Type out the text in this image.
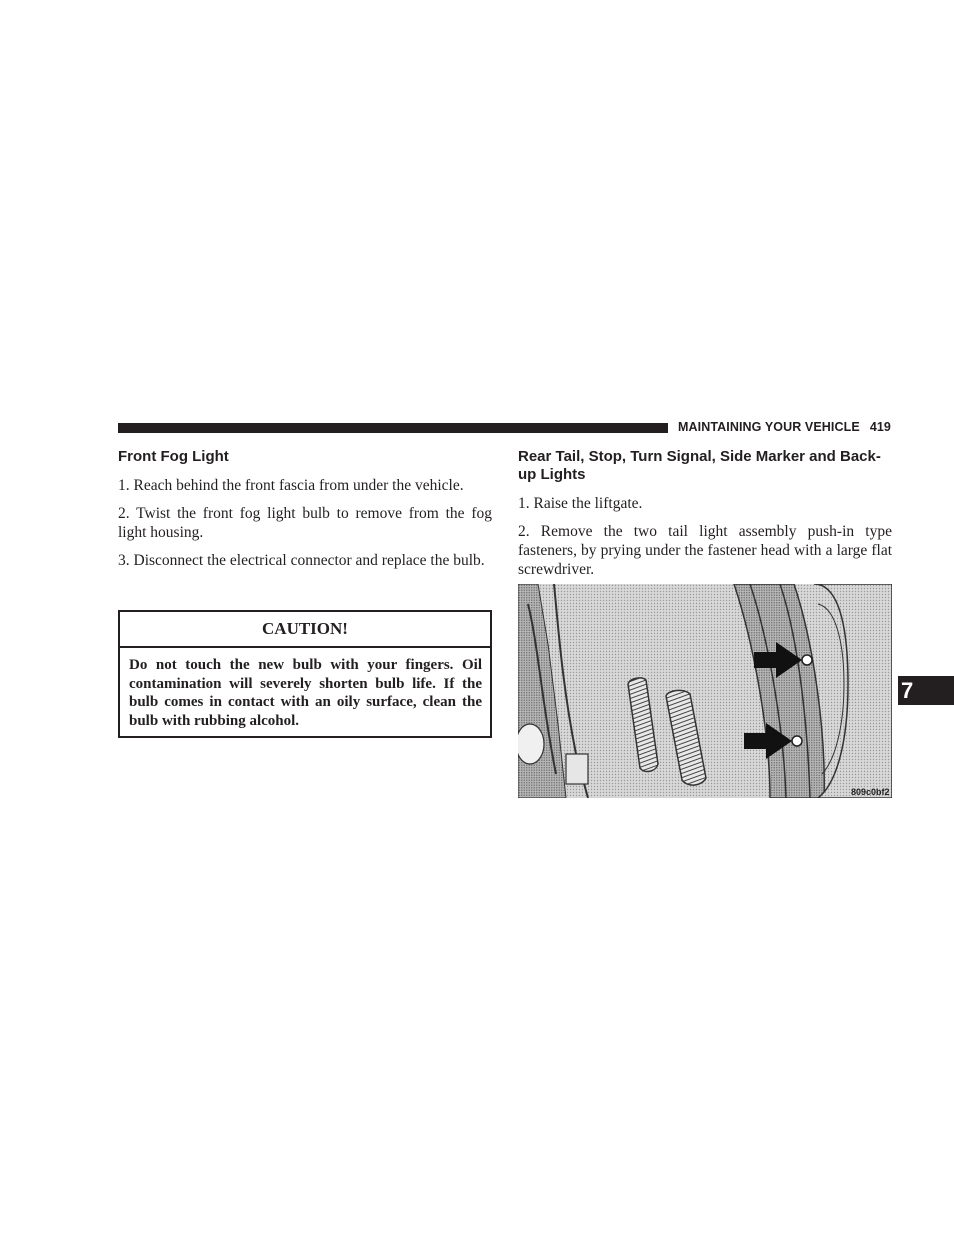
MAINTAINING YOUR VEHICLE 419
Front Fog Light

1. Reach behind the front fascia from under the vehicle.

2. Twist the front fog light bulb to remove from the fog light housing.

3. Disconnect the electrical connector and replace the bulb.

CAUTION!
Do not touch the new bulb with your fingers. Oil contamination will severely shorten bulb life. If the bulb comes in contact with an oily surface, clean the bulb with rubbing alcohol.
Rear Tail, Stop, Turn Signal, Side Marker and Back-up Lights

1. Raise the liftgate.

2. Remove the two tail light assembly push-in type fasteners, by prying under the fastener head with a large flat screwdriver.

809c0bf2
7
